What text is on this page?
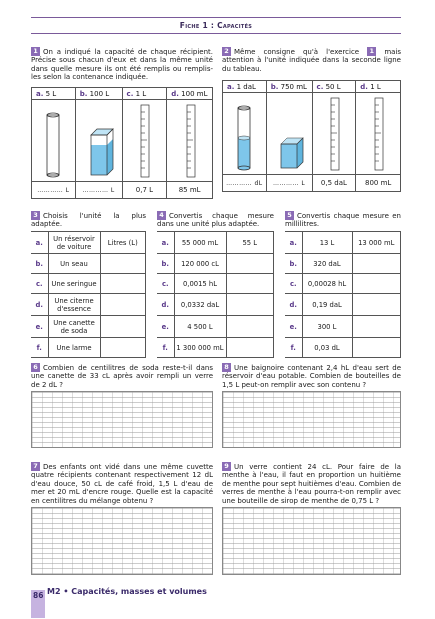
Fiche 1 : Capacités
1 On a indiqué la capacité de chaque récipient. Précise sous chacun d'eux et dans la même unité dans quelle mesure ils ont été remplis ou remplis-les selon la contenance indiquée.
a. 5 L	b. 100 L	c. 1 L	d. 100 mL

………… L	………… L	0,7 L	85 mL
2 Même consigne qu'à l'exercice 1 mais attention à l'unité indiquée dans la seconde ligne du tableau.
a. 1 daL	b. 750 mL	c. 50 L	d. 1 L

………… dL	………… L	0,5 daL	800 mL
3 Choisis l'unité la plus adaptée.
a.	Un réservoir de voiture	Litres (L)
b.	Un seau	
c.	Une seringue	
d.	Une citerne d'essence	
e.	Une canette de soda	
f.	Une larme	
4 Convertis chaque mesure dans une unité plus adaptée.
a.	55 000 mL	55 L
b.	120 000 cL	
c.	0,0015 hL	
d.	0,0332 daL	
e.	4 500 L	
f.	1 300 000 mL	
5 Convertis chaque mesure en millilitres.
a.	13 L	13 000 mL
b.	320 daL	
c.	0,00028 hL	
d.	0,19 daL	
e.	300 L	
f.	0,03 dL	
6 Combien de centilitres de soda reste-t-il dans une canette de 33 cL après avoir rempli un verre de 2 dL ?
8 Une baignoire contenant 2,4 hL d'eau sert de réservoir d'eau potable. Combien de bouteilles de 1,5 L peut-on remplir avec son contenu ?
7 Des enfants ont vidé dans une même cuvette quatre récipients contenant respectivement 12 dL d'eau douce, 50 cL de café froid, 1,5 L d'eau de mer et 20 mL d'encre rouge. Quelle est la capacité en centilitres du mélange obtenu ?
9 Un verre contient 24 cL. Pour faire de la menthe à l'eau, il faut en proportion un huitième de menthe pour sept huitièmes d'eau. Combien de verres de menthe à l'eau pourra-t-on remplir avec une bouteille de sirop de menthe de 0,75 L ?
86 M2 • Capacités, masses et volumes
